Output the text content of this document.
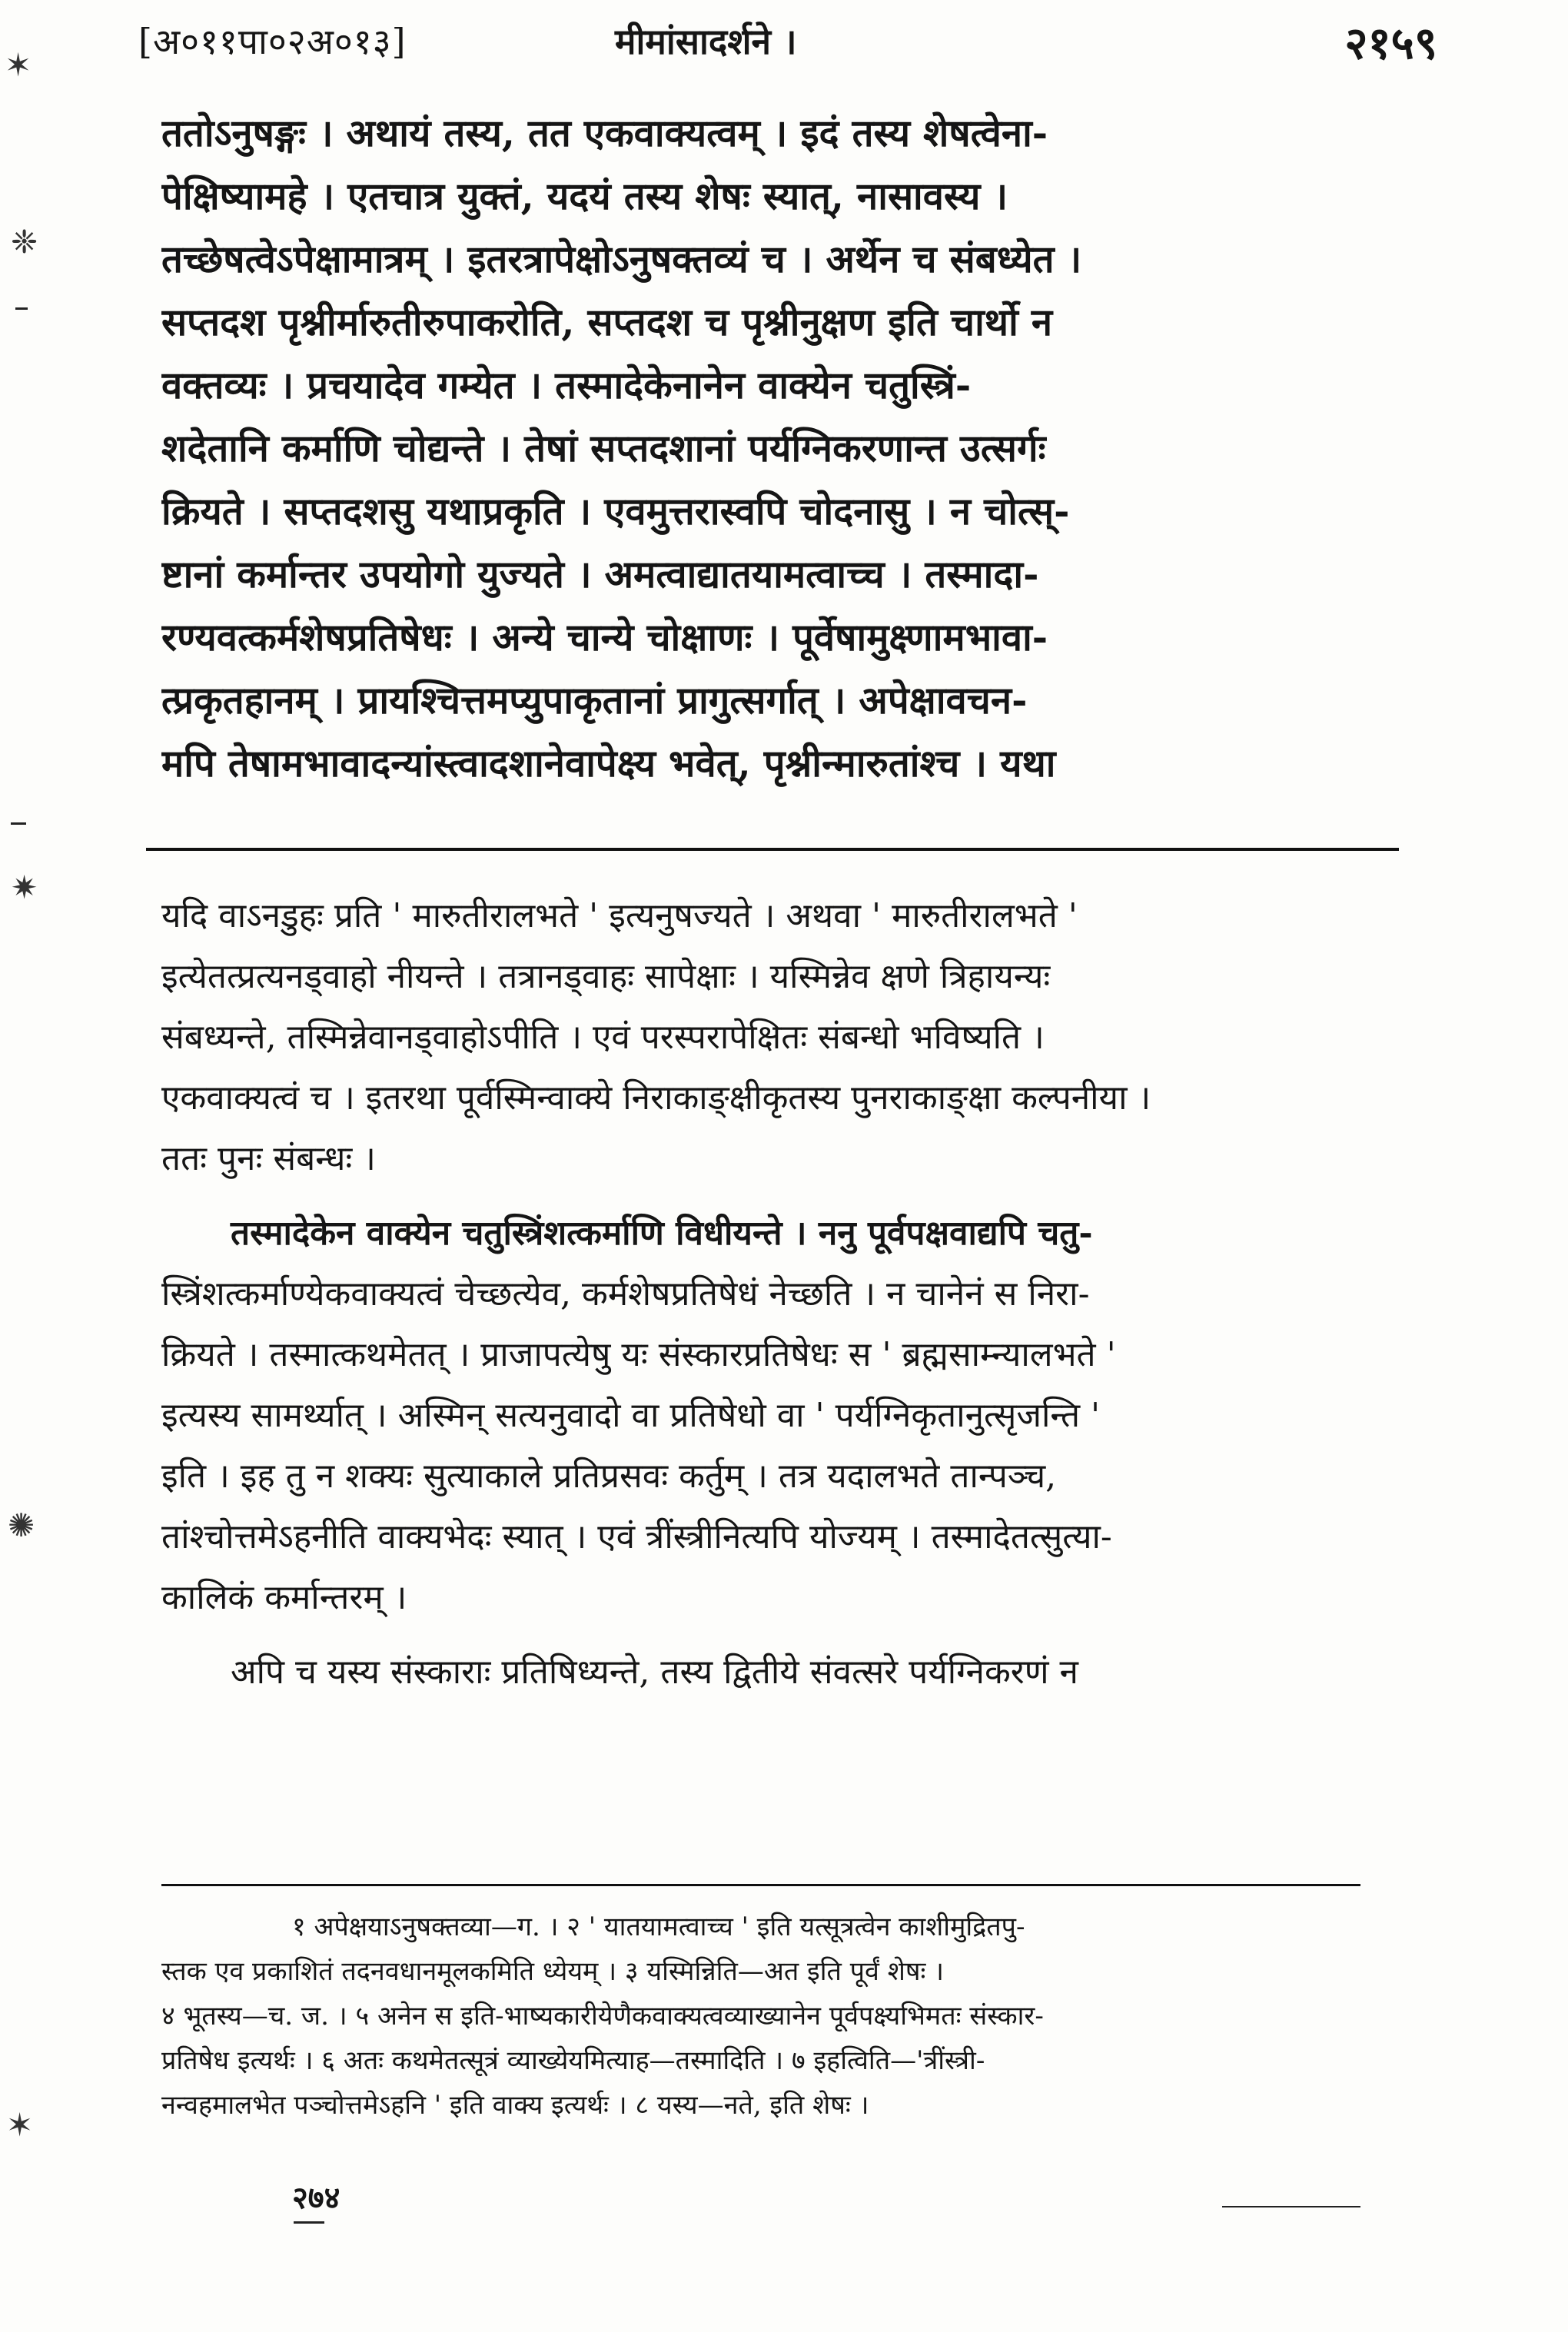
[अ०११पा०२अ०१३]	मीमांसादर्शने ।	२१५९
ततोऽनुषङ्गः । अथायं तस्य, तत एकवाक्यत्वम् । इदं तस्य शेषत्वेना-
पेक्षिष्यामहे । एतचात्र युक्तं, यदयं तस्य शेषः स्यात्, नासावस्य ।
तच्छेषत्वेऽपेक्षामात्रम् । इतरत्रापेक्षोऽनुषक्तव्यं च । अर्थेन च संबध्येत ।
सप्तदश पृश्नीर्मारुतीरुपाकरोति, सप्तदश च पृश्नीनुक्षण इति चार्थो न
वक्तव्यः । प्रचयादेव गम्येत । तस्मादेकेनानेन वाक्येन चतुस्त्रिं-
शदेतानि कर्माणि चोद्यन्ते । तेषां सप्तदशानां पर्यग्निकरणान्त उत्सर्गः
क्रियते । सप्तदशसु यथाप्रकृति । एवमुत्तरास्वपि चोदनासु । न चोत्स्-
ष्टानां कर्मान्तर उपयोगो युज्यते । अमत्वाद्यातयामत्वाच्च । तस्मादा-
रण्यवत्कर्मशेषप्रतिषेधः । अन्ये चान्ये चोक्षाणः । पूर्वेषामुक्ष्णामभावा-
त्प्रकृतहानम् । प्रायश्चित्तमप्युपाकृतानां प्रागुत्सर्गात् । अपेक्षावचन-
मपि तेषामभावादन्यांस्त्वादशानेवापेक्ष्य भवेत्, पृश्नीन्मारुतांश्च । यथा
यदि वाऽनडुहः प्रति ' मारुतीरालभते ' इत्यनुषज्यते । अथवा ' मारुतीरालभते '
इत्येतत्प्रत्यनड्वाहो नीयन्ते । तत्रानड्वाहः सापेक्षाः । यस्मिन्नेव क्षणे त्रिहायन्यः
संबध्यन्ते, तस्मिन्नेवानड्वाहोऽपीति । एवं परस्परापेक्षितः संबन्धो भविष्यति ।
एकवाक्यत्वं च । इतरथा पूर्वस्मिन्वाक्ये निराकाङ्क्षीकृतस्य पुनराकाङ्क्षा कल्पनीया ।
ततः पुनः संबन्धः ।
तस्मादेकेन वाक्येन चतुस्त्रिंशत्कर्माणि विधीयन्ते । ननु पूर्वपक्षवाद्यपि चतु-
स्त्रिंशत्कर्माण्येकवाक्यत्वं चेच्छत्येव, कर्मशेषप्रतिषेधं नेच्छति । न चानेनं स निरा-
क्रियते । तस्मात्कथमेतत् । प्राजापत्येषु यः संस्कारप्रतिषेधः स ' ब्रह्मसाम्न्यालभते '
इत्यस्य सामर्थ्यात् । अस्मिन् सत्यनुवादो वा प्रतिषेधो वा ' पर्यग्निकृतानुत्सृजन्ति '
इति । इह तु न शक्यः सुत्याकाले प्रतिप्रसवः कर्तुम् । तत्र यदालभते तान्पञ्च,
तांश्चोत्तमेऽहनीति वाक्यभेदः स्यात् । एवं त्रींस्त्रीनित्यपि योज्यम् । तस्मादेतत्सुत्या-
कालिकं कर्मान्तरम् ।
अपि च यस्य संस्काराः प्रतिषिध्यन्ते, तस्य द्वितीये संवत्सरे पर्यग्निकरणं न
१ अपेक्षयाऽनुषक्तव्या—ग. । २ ' यातयामत्वाच्च ' इति यत्सूत्रत्वेन काशीमुद्रितपु-
स्तक एव प्रकाशितं तदनवधानमूलकमिति ध्येयम् । ३ यस्मिन्निति—अत इति पूर्वं शेषः ।
४ भूतस्य—च. ज. । ५ अनेन स इति-भाष्यकारीयेणैकवाक्यत्वव्याख्यानेन पूर्वपक्ष्यभिमतः संस्कार-
प्रतिषेध इत्यर्थः । ६ अतः कथमेतत्सूत्रं व्याख्येयमित्याह—तस्मादिति । ७ इहत्विति—'त्रींस्त्री-
नन्वहमालभेत पञ्चोत्तमेऽहनि ' इति वाक्य इत्यर्थः । ८ यस्य—नते, इति शेषः ।
२७४
✶
❈
✷
✺
✶
